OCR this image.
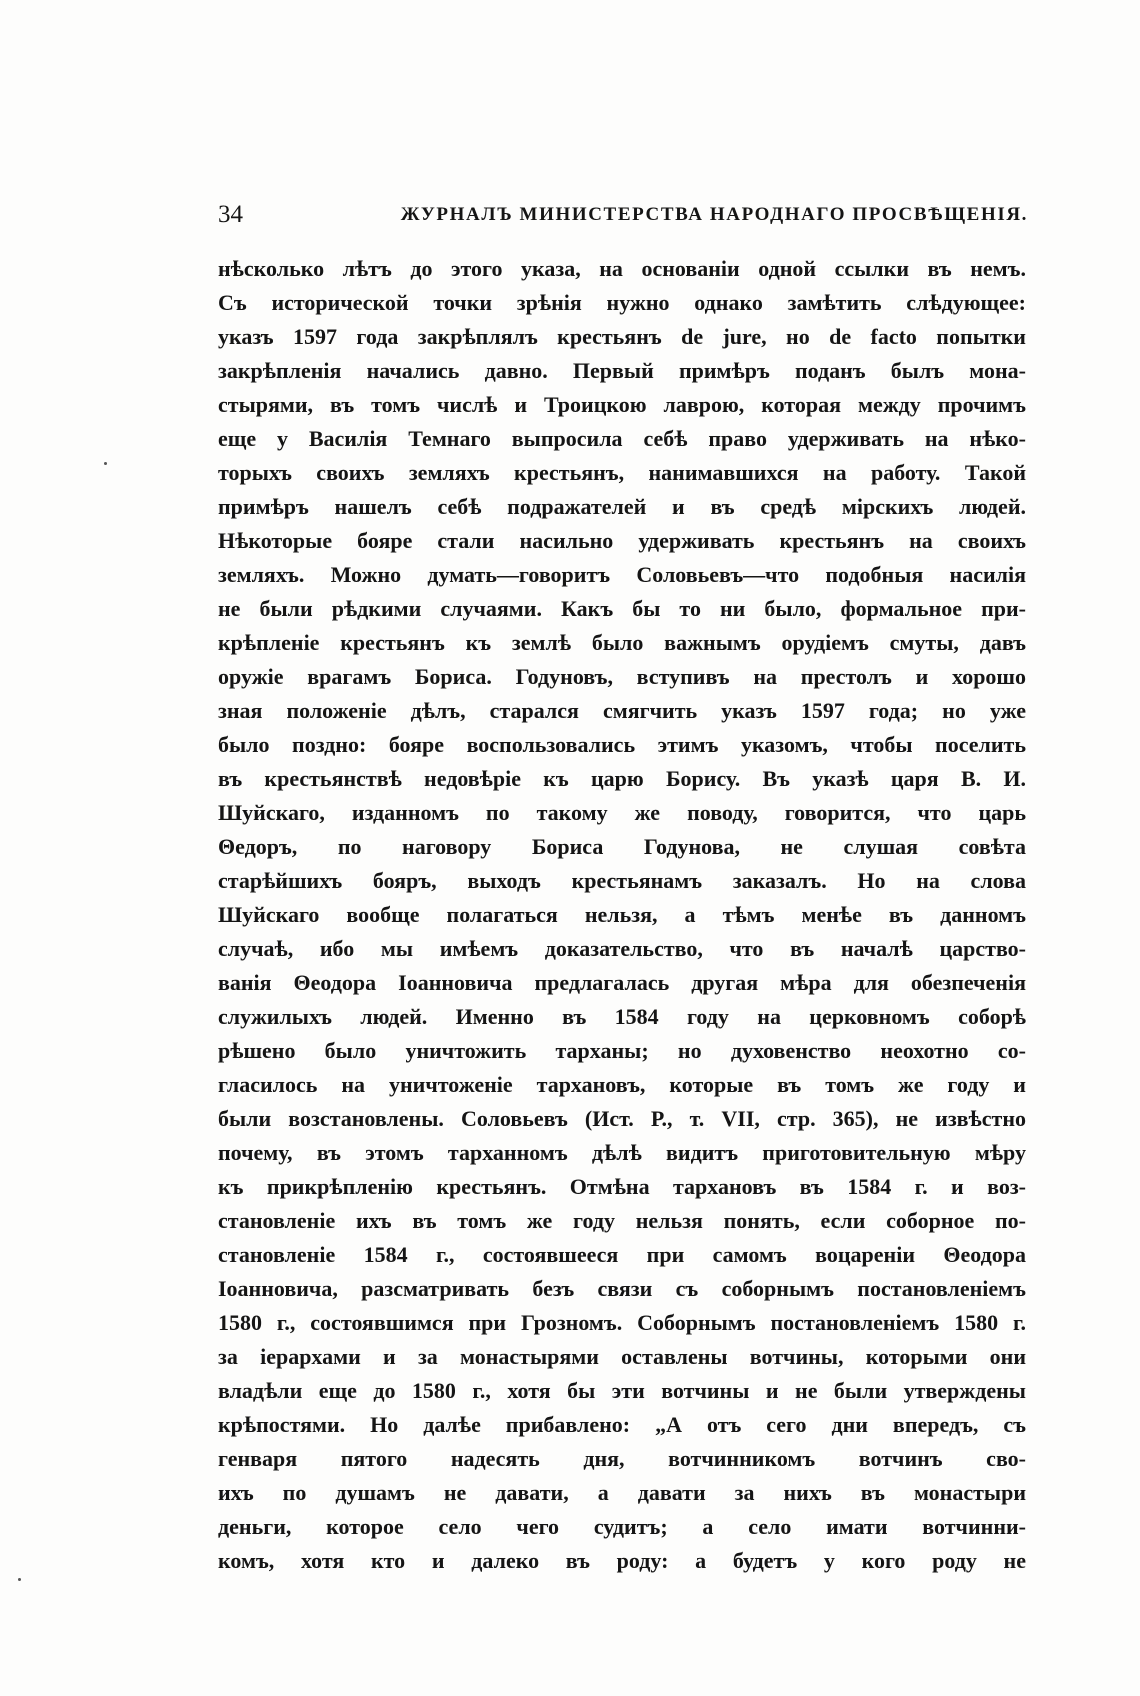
34	ЖУРНАЛЪ МИНИСТЕРСТВА НАРОДНАГО ПРОСВѢЩЕНІЯ.
нѣсколько лѣтъ до этого указа, на основаніи одной ссылки въ немъ.
Съ исторической точки зрѣнія нужно однако замѣтить слѣдующее:
указъ 1597 года закрѣплялъ крестьянъ de jure, но de facto попытки
закрѣпленія начались давно. Первый примѣръ поданъ былъ мона-
стырями, въ томъ числѣ и Троицкою лаврою, которая между прочимъ
еще у Василія Темнаго выпросила себѣ право удерживать на нѣко-
торыхъ своихъ земляхъ крестьянъ, нанимавшихся на работу. Такой
примѣръ нашелъ себѣ подражателей и въ средѣ мірскихъ людей.
Нѣкоторые бояре стали насильно удерживать крестьянъ на своихъ
земляхъ. Можно думать—говоритъ Соловьевъ—что подобныя насилія
не были рѣдкими случаями. Какъ бы то ни было, формальное при-
крѣпленіе крестьянъ къ землѣ было важнымъ орудіемъ смуты, давъ
оружіе врагамъ Бориса. Годуновъ, вступивъ на престолъ и хорошо
зная положеніе дѣлъ, старался смягчить указъ 1597 года; но уже
было поздно: бояре воспользовались этимъ указомъ, чтобы поселить
въ крестьянствѣ недовѣріе къ царю Борису. Въ указѣ царя В. И.
Шуйскаго, изданномъ по такому же поводу, говорится, что царь
Θедоръ, по наговору Бориса Годунова, не слушая совѣта
старѣйшихъ бояръ, выходъ крестьянамъ заказалъ. Но на слова
Шуйскаго вообще полагаться нельзя, а тѣмъ менѣе въ данномъ
случаѣ, ибо мы имѣемъ доказательство, что въ началѣ царство-
ванія Θеодора Іоанновича предлагалась другая мѣра для обезпеченія
служилыхъ людей. Именно въ 1584 году на церковномъ соборѣ
рѣшено было уничтожить тарханы; но духовенство неохотно со-
гласилось на уничтоженіе тархановъ, которые въ томъ же году и
были возстановлены. Соловьевъ (Ист. Р., т. VII, стр. 365), не извѣстно
почему, въ этомъ тарханномъ дѣлѣ видитъ приготовительную мѣру
къ прикрѣпленію крестьянъ. Отмѣна тархановъ въ 1584 г. и воз-
становленіе ихъ въ томъ же году нельзя понять, если соборное по-
становленіе 1584 г., состоявшееся при самомъ воцареніи Θеодора
Іоанновича, разсматривать безъ связи съ соборнымъ постановленіемъ
1580 г., состоявшимся при Грозномъ. Соборнымъ постановленіемъ 1580 г.
за іерархами и за монастырями оставлены вотчины, которыми они
владѣли еще до 1580 г., хотя бы эти вотчины и не были утверждены
крѣпостями. Но далѣе прибавлено: „А отъ сего дни впередъ, съ
генваря пятого надесять дня, вотчинникомъ вотчинъ сво-
ихъ по душамъ не давати, а давати за нихъ въ монастыри
деньги, которое село чего судитъ; а село имати вотчинни-
комъ, хотя кто и далеко въ роду: а будетъ у кого роду не
